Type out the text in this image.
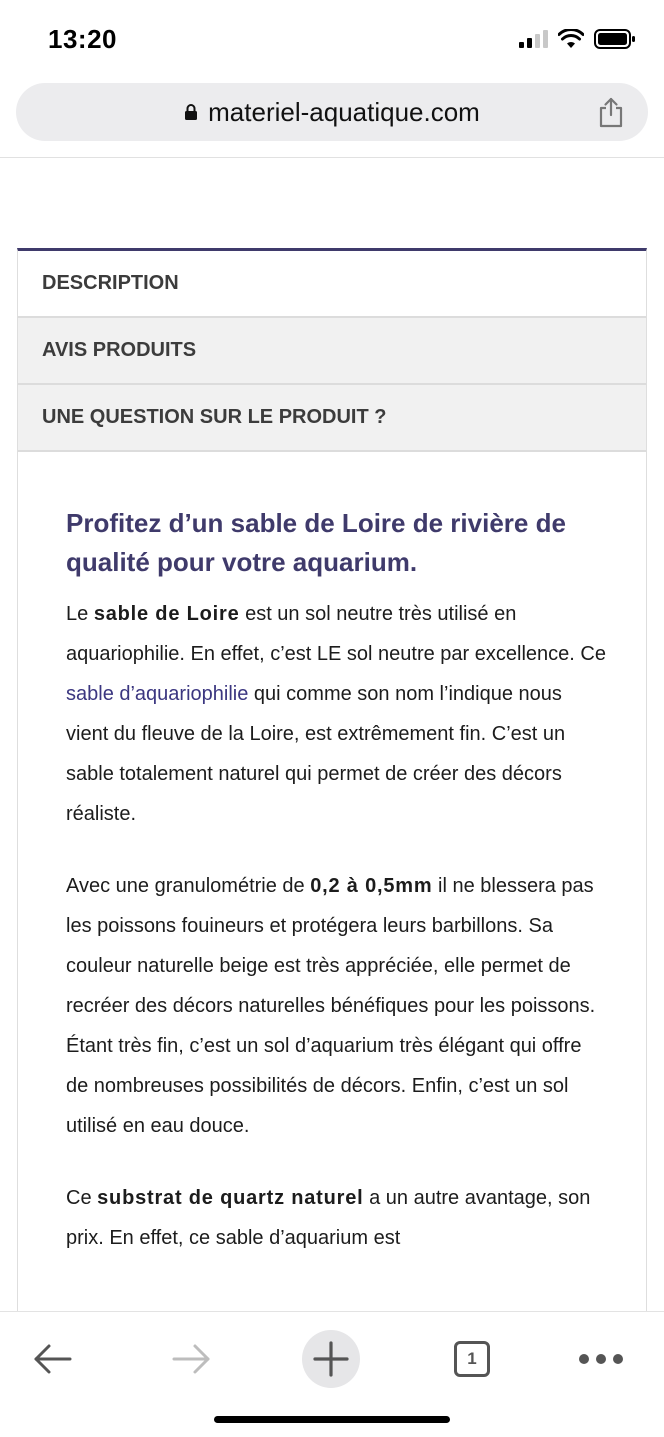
13:20
materiel-aquatique.com
DESCRIPTION
AVIS PRODUITS
UNE QUESTION SUR LE PRODUIT ?
Profitez d’un sable de Loire de rivière de qualité pour votre aquarium.

Le sable de Loire est un sol neutre très utilisé en aquariophilie. En effet, c’est LE sol neutre par excellence. Ce sable d’aquariophilie qui comme son nom l’indique nous vient du fleuve de la Loire, est extrêmement fin. C’est un sable totalement naturel qui permet de créer des décors réaliste.

Avec une granulométrie de 0,2 à 0,5mm il ne blessera pas les poissons fouineurs et protégera leurs barbillons. Sa couleur naturelle beige est très appréciée, elle permet de recréer des décors naturelles bénéfiques pour les poissons. Étant très fin, c’est un sol d’aquarium très élégant qui offre de nombreuses possibilités de décors. Enfin, c’est un sol utilisé en eau douce.

Ce substrat de quartz naturel a un autre avantage, son prix. En effet, ce sable d’aquarium est

1
